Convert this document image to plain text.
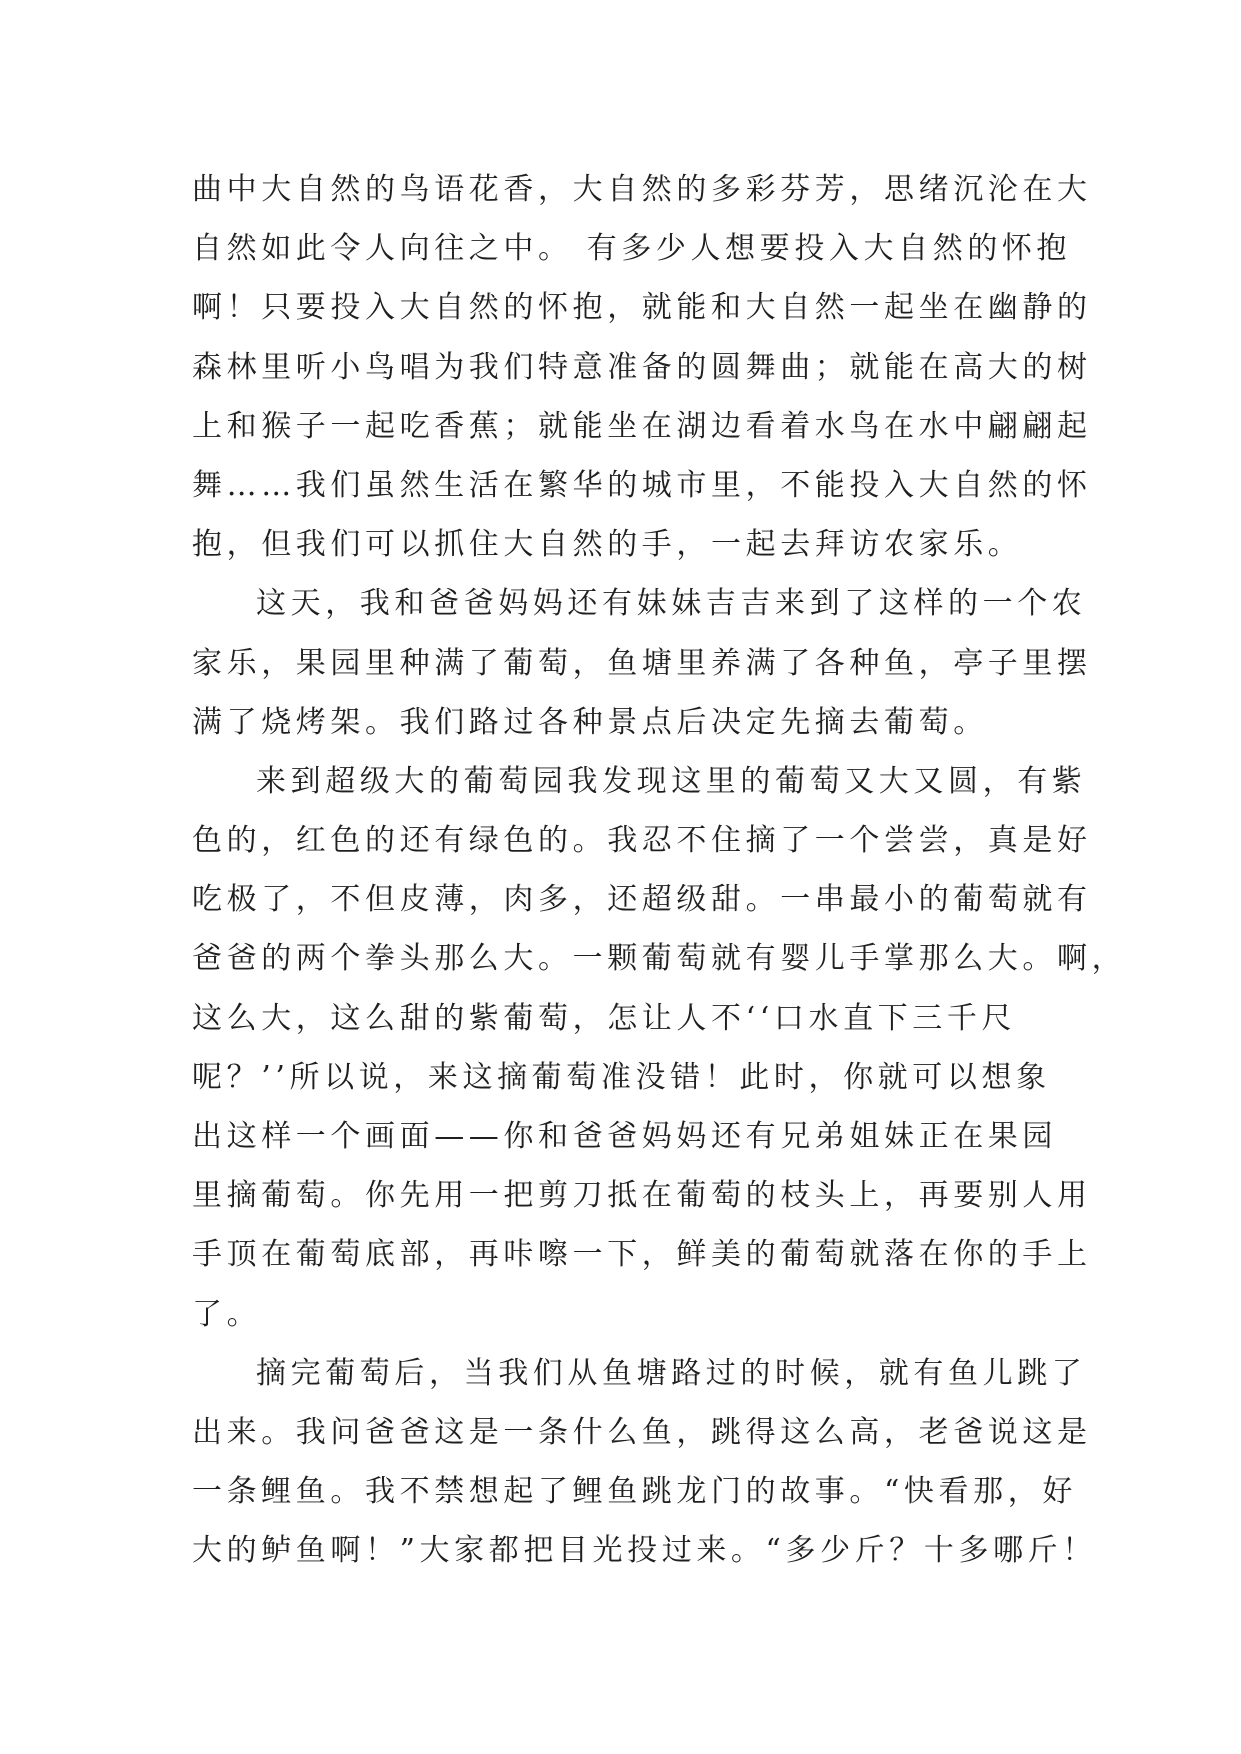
曲中大自然的鸟语花香，大自然的多彩芬芳，思绪沉沦在大
自然如此令人向往之中。 有多少人想要投入大自然的怀抱
啊！只要投入大自然的怀抱，就能和大自然一起坐在幽静的
森林里听小鸟唱为我们特意准备的圆舞曲；就能在高大的树
上和猴子一起吃香蕉；就能坐在湖边看着水鸟在水中翩翩起
舞……我们虽然生活在繁华的城市里，不能投入大自然的怀
抱，但我们可以抓住大自然的手，一起去拜访农家乐。
这天，我和爸爸妈妈还有妹妹吉吉来到了这样的一个农
家乐，果园里种满了葡萄，鱼塘里养满了各种鱼，亭子里摆
满了烧烤架。我们路过各种景点后决定先摘去葡萄。
来到超级大的葡萄园我发现这里的葡萄又大又圆，有紫
色的，红色的还有绿色的。我忍不住摘了一个尝尝，真是好
吃极了，不但皮薄，肉多，还超级甜。一串最小的葡萄就有
爸爸的两个拳头那么大。一颗葡萄就有婴儿手掌那么大。啊，
这么大，这么甜的紫葡萄，怎让人不‘‘口水直下三千尺
呢？’’所以说，来这摘葡萄准没错！此时，你就可以想象
出这样一个画面——你和爸爸妈妈还有兄弟姐妹正在果园
里摘葡萄。你先用一把剪刀抵在葡萄的枝头上，再要别人用
手顶在葡萄底部，再咔嚓一下，鲜美的葡萄就落在你的手上
了。
摘完葡萄后，当我们从鱼塘路过的时候，就有鱼儿跳了
出来。我问爸爸这是一条什么鱼，跳得这么高，老爸说这是
一条鲤鱼。我不禁想起了鲤鱼跳龙门的故事。“快看那，好
大的鲈鱼啊！”大家都把目光投过来。“多少斤？十多哪斤！
